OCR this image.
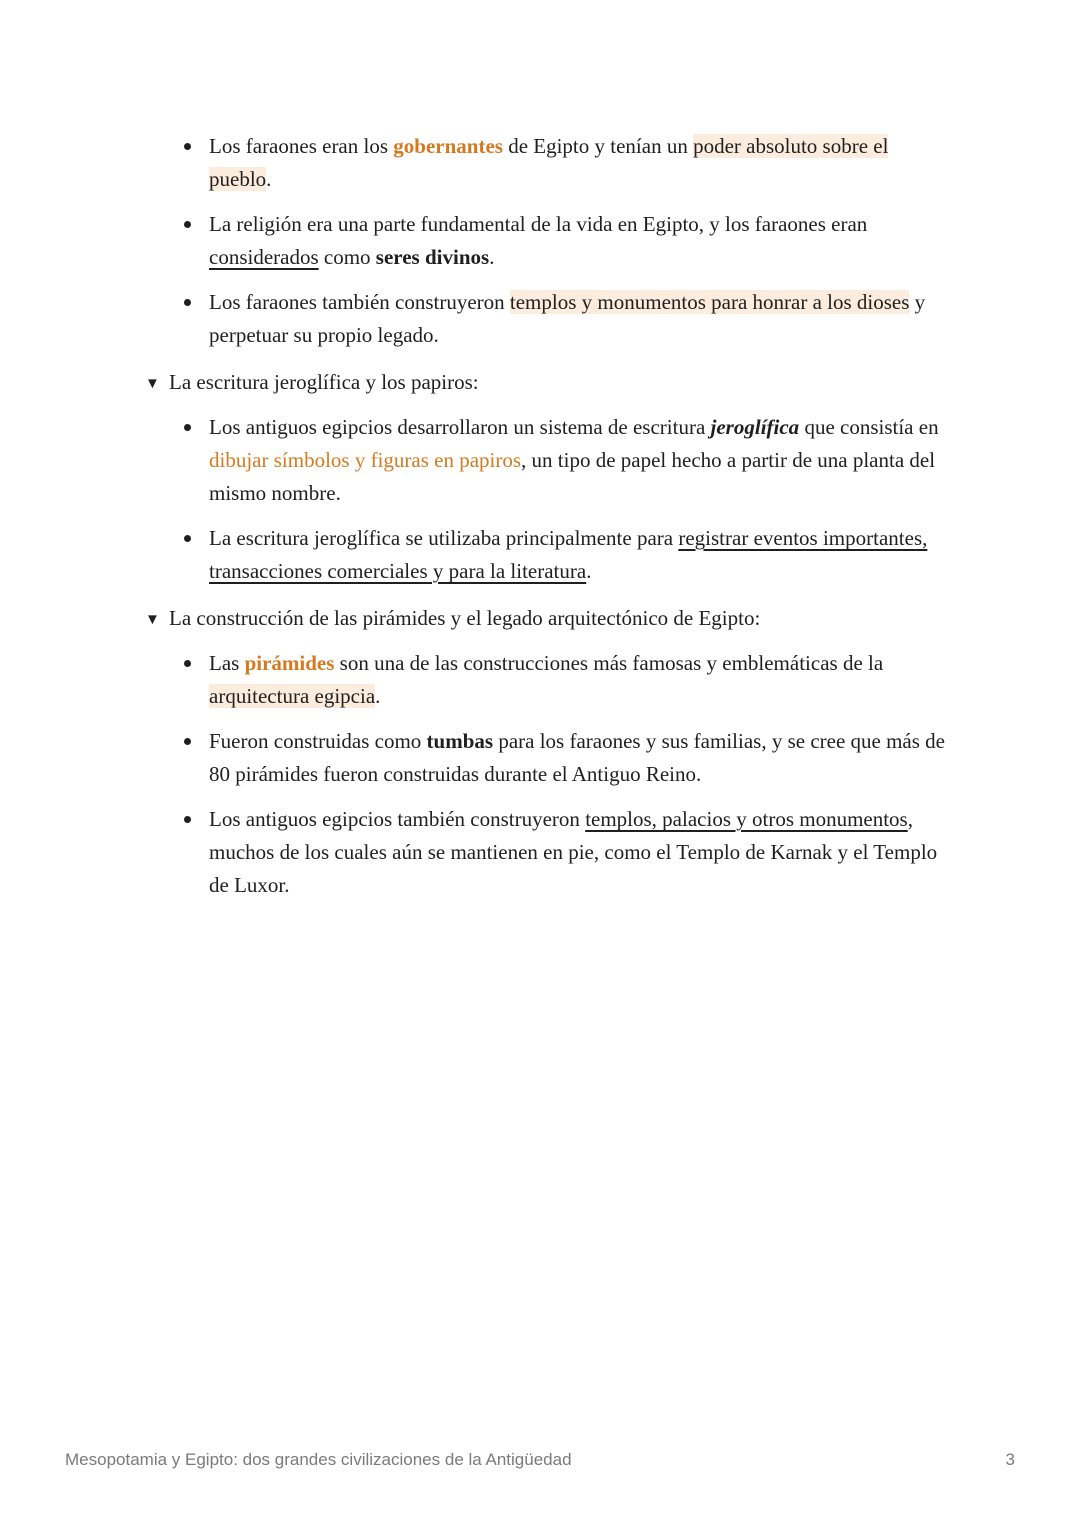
Los faraones eran los gobernantes de Egipto y tenían un poder absoluto sobre el pueblo.
La religión era una parte fundamental de la vida en Egipto, y los faraones eran considerados como seres divinos.
Los faraones también construyeron templos y monumentos para honrar a los dioses y perpetuar su propio legado.
▼ La escritura jeroglífica y los papiros:
Los antiguos egipcios desarrollaron un sistema de escritura jeroglífica que consistía en dibujar símbolos y figuras en papiros, un tipo de papel hecho a partir de una planta del mismo nombre.
La escritura jeroglífica se utilizaba principalmente para registrar eventos importantes, transacciones comerciales y para la literatura.
▼ La construcción de las pirámides y el legado arquitectónico de Egipto:
Las pirámides son una de las construcciones más famosas y emblemáticas de la arquitectura egipcia.
Fueron construidas como tumbas para los faraones y sus familias, y se cree que más de 80 pirámides fueron construidas durante el Antiguo Reino.
Los antiguos egipcios también construyeron templos, palacios y otros monumentos, muchos de los cuales aún se mantienen en pie, como el Templo de Karnak y el Templo de Luxor.
Mesopotamia y Egipto: dos grandes civilizaciones de la Antigüedad	3
